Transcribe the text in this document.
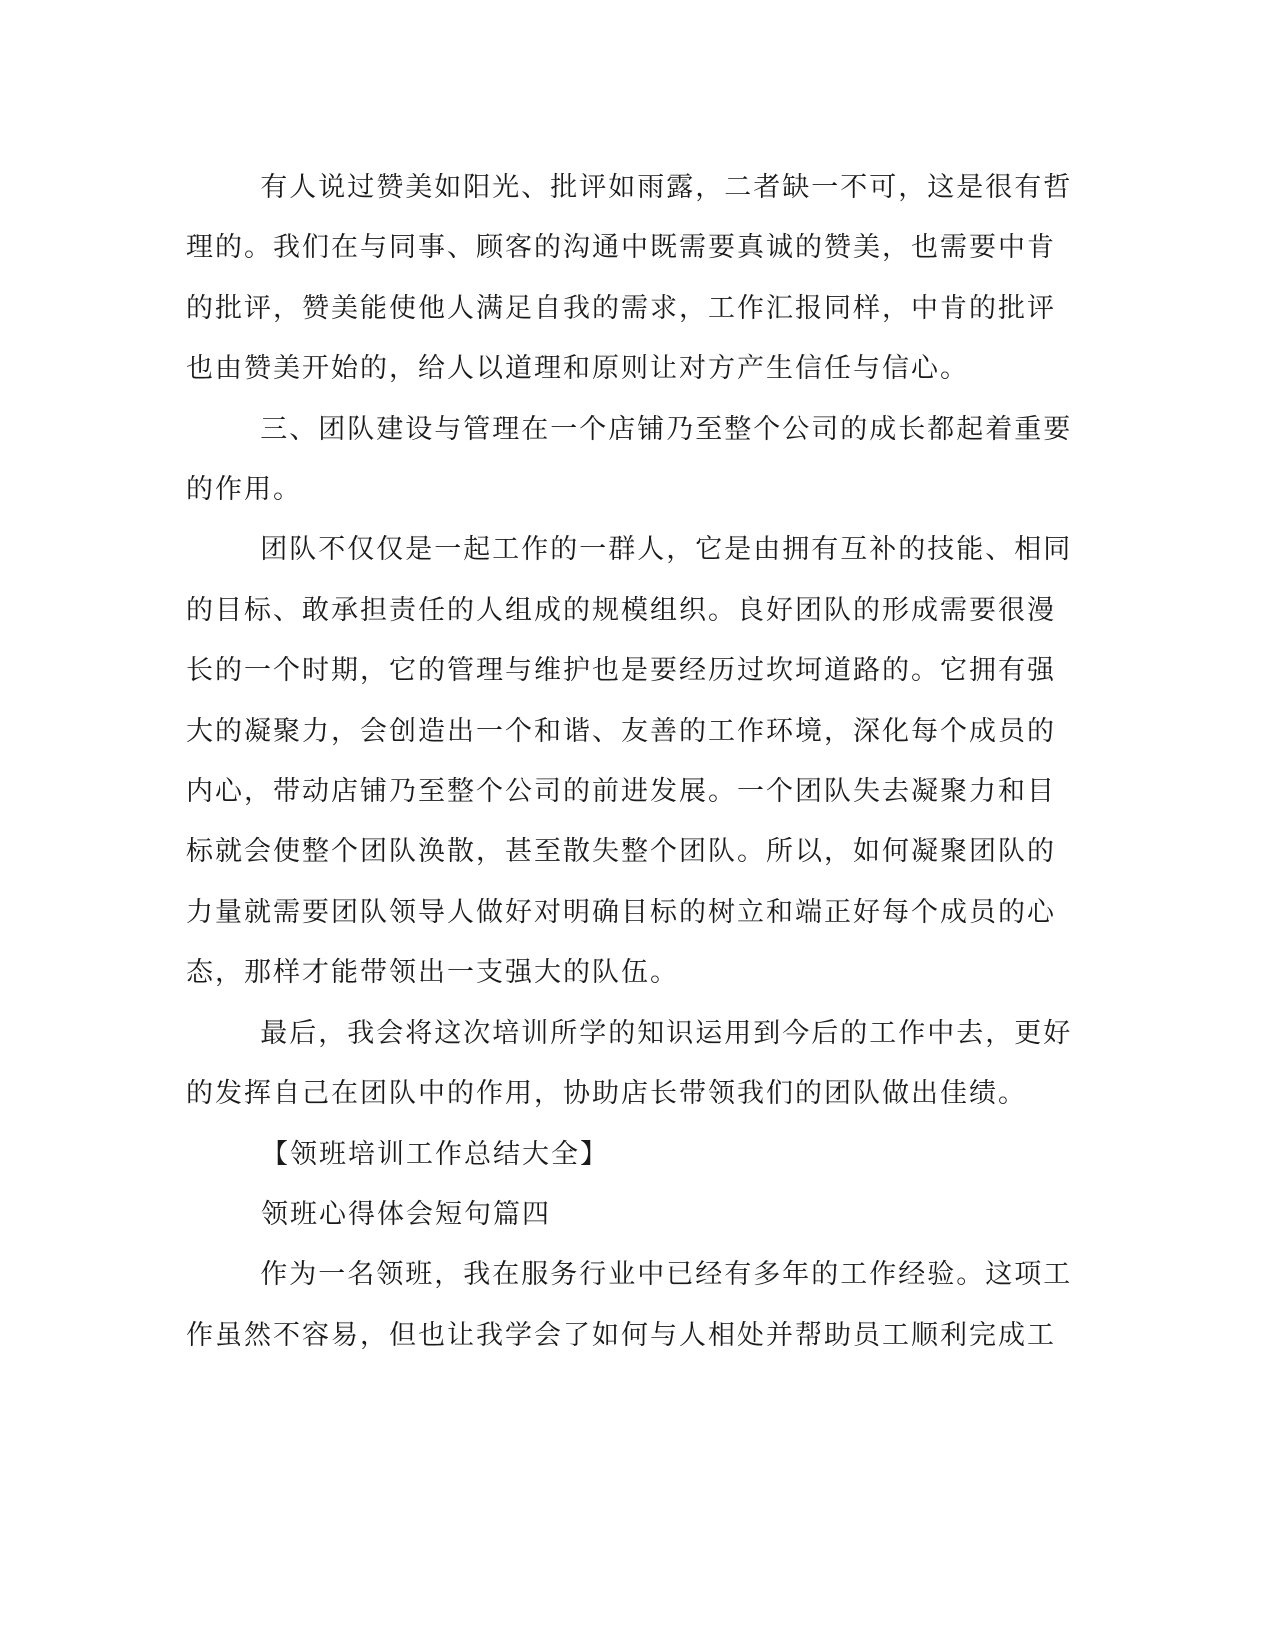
有人说过赞美如阳光、批评如雨露，二者缺一不可，这是很有哲
理的。我们在与同事、顾客的沟通中既需要真诚的赞美，也需要中肯
的批评，赞美能使他人满足自我的需求，工作汇报同样，中肯的批评
也由赞美开始的，给人以道理和原则让对方产生信任与信心。

三、团队建设与管理在一个店铺乃至整个公司的成长都起着重要
的作用。

团队不仅仅是一起工作的一群人，它是由拥有互补的技能、相同
的目标、敢承担责任的人组成的规模组织。良好团队的形成需要很漫
长的一个时期，它的管理与维护也是要经历过坎坷道路的。它拥有强
大的凝聚力，会创造出一个和谐、友善的工作环境，深化每个成员的
内心，带动店铺乃至整个公司的前进发展。一个团队失去凝聚力和目
标就会使整个团队涣散，甚至散失整个团队。所以，如何凝聚团队的
力量就需要团队领导人做好对明确目标的树立和端正好每个成员的心
态，那样才能带领出一支强大的队伍。

最后，我会将这次培训所学的知识运用到今后的工作中去，更好
的发挥自己在团队中的作用，协助店长带领我们的团队做出佳绩。

【领班培训工作总结大全】

领班心得体会短句篇四

作为一名领班，我在服务行业中已经有多年的工作经验。这项工
作虽然不容易，但也让我学会了如何与人相处并帮助员工顺利完成工
